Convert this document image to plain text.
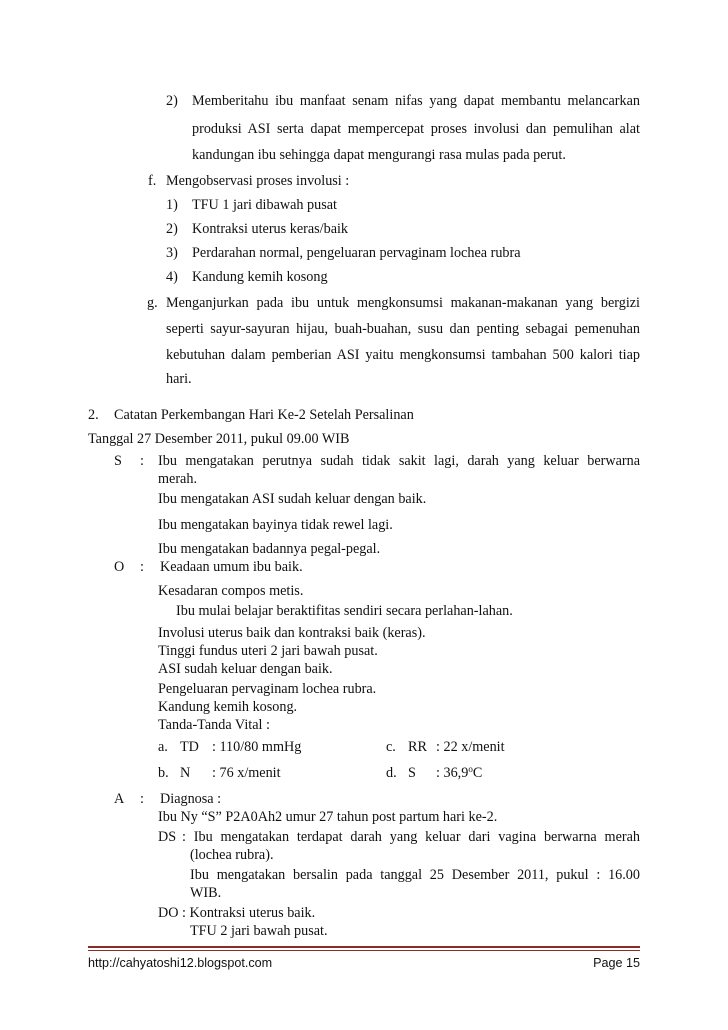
2) Memberitahu ibu manfaat senam nifas yang dapat membantu melancarkan
produksi ASI serta dapat mempercepat proses involusi dan pemulihan alat
kandungan ibu sehingga dapat mengurangi rasa mulas pada perut.
f. Mengobservasi proses involusi :
1) TFU 1 jari dibawah pusat
2) Kontraksi uterus keras/baik
3) Perdarahan normal, pengeluaran pervaginam lochea rubra
4) Kandung kemih kosong
g. Menganjurkan pada ibu untuk mengkonsumsi makanan-makanan yang bergizi
seperti sayur-sayuran hijau, buah-buahan, susu dan penting sebagai pemenuhan
kebutuhan dalam pemberian ASI yaitu mengkonsumsi tambahan 500 kalori tiap
hari.
2. Catatan Perkembangan Hari Ke-2 Setelah Persalinan
Tanggal 27 Desember 2011, pukul 09.00 WIB
S : Ibu mengatakan perutnya sudah tidak sakit lagi, darah yang keluar berwarna
merah.
Ibu mengatakan ASI sudah keluar dengan baik.
Ibu mengatakan bayinya tidak rewel lagi.
Ibu mengatakan badannya pegal-pegal.
O : Keadaan umum ibu baik.
Kesadaran compos metis.
Ibu mulai belajar beraktifitas sendiri secara perlahan-lahan.
Involusi uterus baik dan kontraksi baik (keras).
Tinggi fundus uteri 2 jari bawah pusat.
ASI sudah keluar dengan baik.
Pengeluaran pervaginam lochea rubra.
Kandung kemih kosong.
Tanda-Tanda Vital :
a. TD : 110/80 mmHg	c. RR : 22 x/menit
b. N : 76 x/menit	d. S : 36,9$^o$C
A : Diagnosa :
Ibu Ny “S” P2A0Ah2 umur 27 tahun post partum hari ke-2.
DS : Ibu mengatakan terdapat darah yang keluar dari vagina berwarna merah
(lochea rubra).
Ibu mengatakan bersalin pada tanggal 25 Desember 2011, pukul : 16.00
WIB.
DO : Kontraksi uterus baik.
TFU 2 jari bawah pusat.
http://cahyatoshi12.blogspot.com	Page 15
